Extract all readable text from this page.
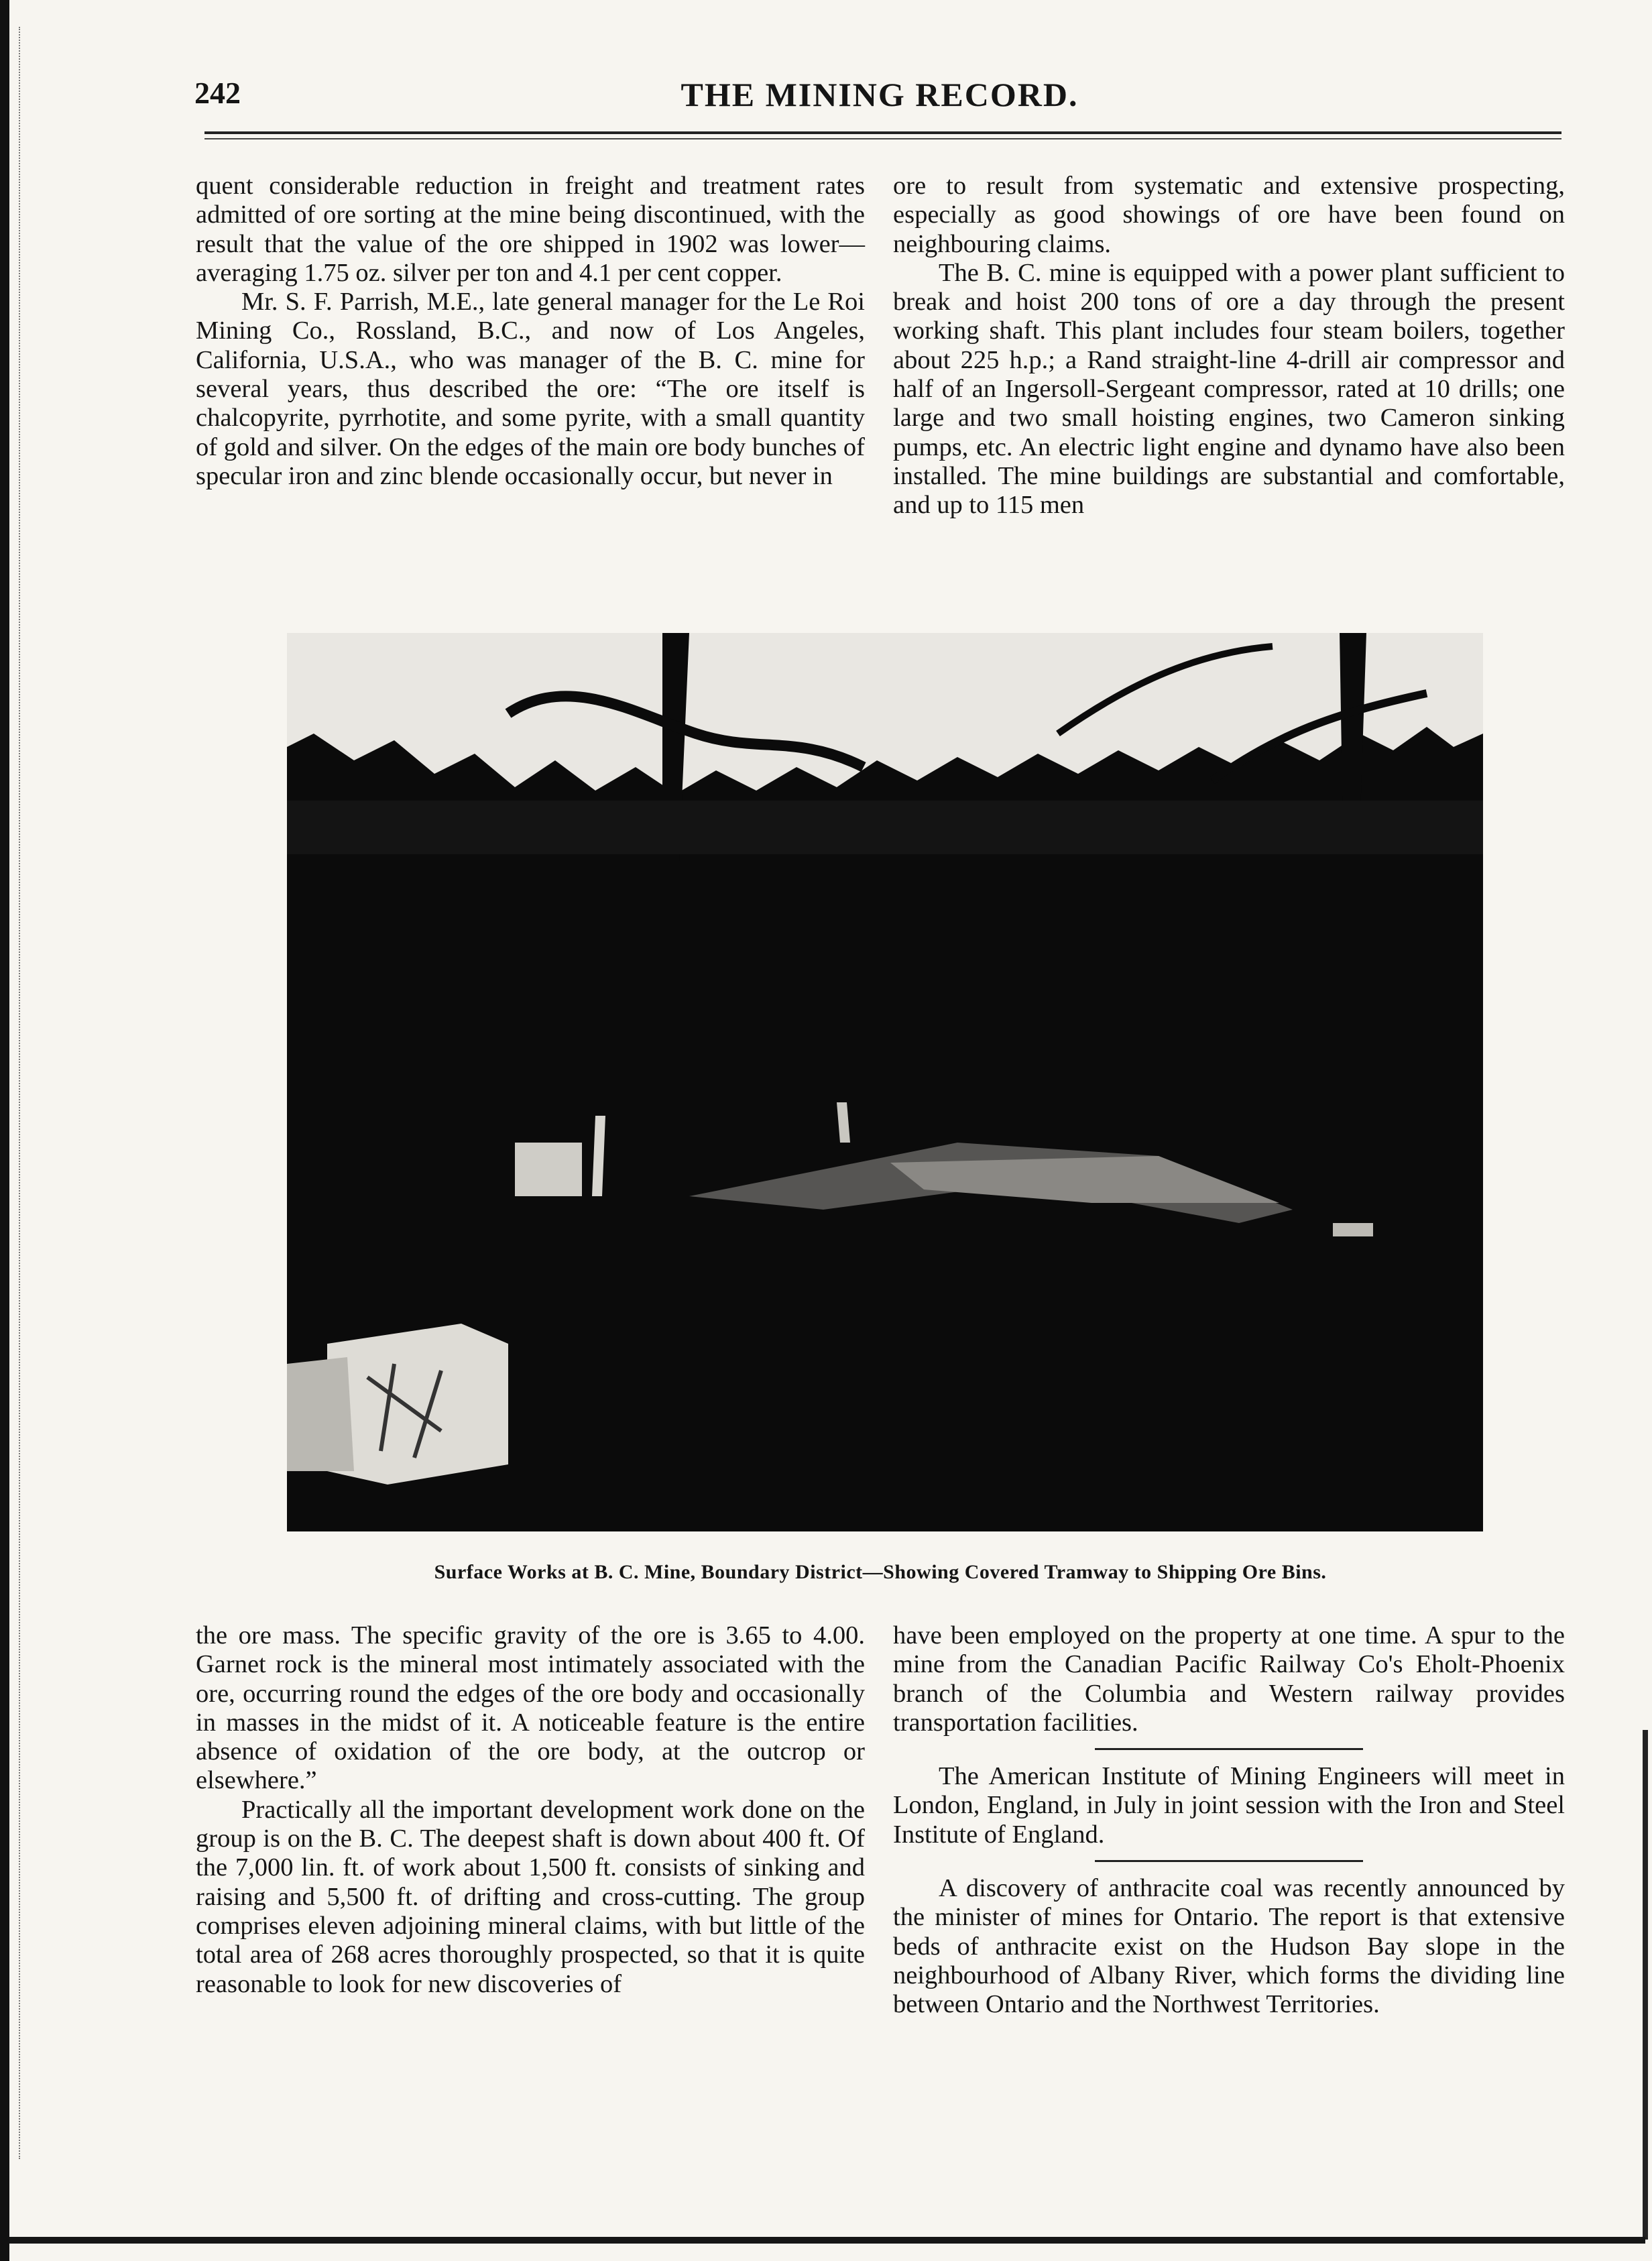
242	THE MINING RECORD.

quent considerable reduction in freight and treatment rates admitted of ore sorting at the mine being discontinued, with the result that the value of the ore shipped in 1902 was lower—averaging 1.75 oz. silver per ton and 4.1 per cent copper.

Mr. S. F. Parrish, M.E., late general manager for the Le Roi Mining Co., Rossland, B.C., and now of Los Angeles, California, U.S.A., who was manager of the B. C. mine for several years, thus described the ore: “The ore itself is chalcopyrite, pyrrhotite, and some pyrite, with a small quantity of gold and silver. On the edges of the main ore body bunches of specular iron and zinc blende occasionally occur, but never in

ore to result from systematic and extensive prospecting, especially as good showings of ore have been found on neighbouring claims.

The B. C. mine is equipped with a power plant sufficient to break and hoist 200 tons of ore a day through the present working shaft. This plant includes four steam boilers, together about 225 h.p.; a Rand straight-line 4-drill air compressor and half of an Ingersoll-Sergeant compressor, rated at 10 drills; one large and two small hoisting engines, two Cameron sinking pumps, etc. An electric light engine and dynamo have also been installed. The mine buildings are substantial and comfortable, and up to 115 men

Surface Works at B. C. Mine, Boundary District—Showing Covered Tramway to Shipping Ore Bins.

the ore mass. The specific gravity of the ore is 3.65 to 4.00. Garnet rock is the mineral most intimately associated with the ore, occurring round the edges of the ore body and occasionally in masses in the midst of it. A noticeable feature is the entire absence of oxidation of the ore body, at the outcrop or elsewhere.”

Practically all the important development work done on the group is on the B. C. The deepest shaft is down about 400 ft. Of the 7,000 lin. ft. of work about 1,500 ft. consists of sinking and raising and 5,500 ft. of drifting and cross-cutting. The group comprises eleven adjoining mineral claims, with but little of the total area of 268 acres thoroughly prospected, so that it is quite reasonable to look for new discoveries of

have been employed on the property at one time. A spur to the mine from the Canadian Pacific Railway Co's Eholt-Phoenix branch of the Columbia and Western railway provides transportation facilities.

The American Institute of Mining Engineers will meet in London, England, in July in joint session with the Iron and Steel Institute of England.

A discovery of anthracite coal was recently announced by the minister of mines for Ontario. The report is that extensive beds of anthracite exist on the Hudson Bay slope in the neighbourhood of Albany River, which forms the dividing line between Ontario and the Northwest Territories.
